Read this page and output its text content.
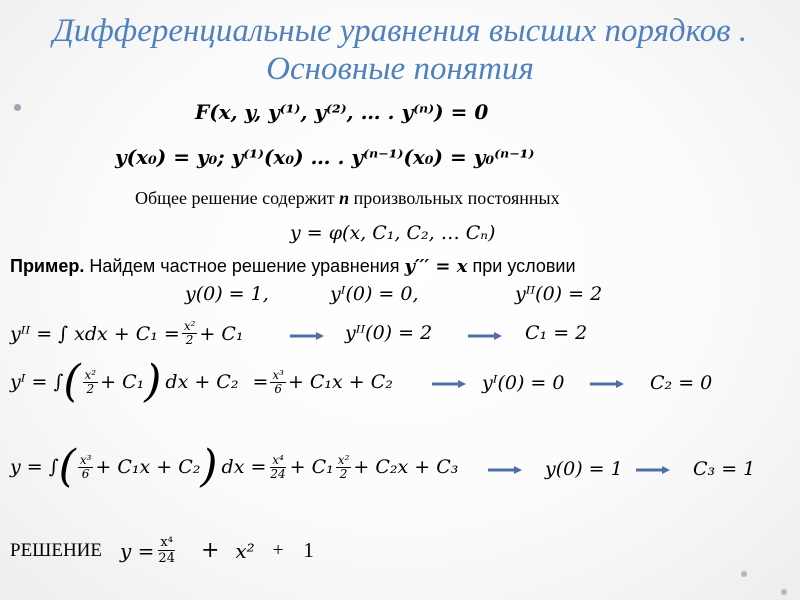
Дифференциальные уравнения высших порядков .
Основные понятия
F(x, y, y⁽¹⁾, y⁽²⁾, … . y⁽ⁿ⁾) = 0
y(x₀) = y₀; y⁽¹⁾(x₀) … . y⁽ⁿ⁻¹⁾(x₀) = y₀⁽ⁿ⁻¹⁾
Общее решение содержит n произвольных постоянных
y = φ(x, C₁, C₂, … Cₙ)
Пример. Найдем частное решение уравнения y′′′ = x при условии
y(0) = 1,	yᴵ(0) = 0,	yᴵᴵ(0) = 2
yᴵᴵ = ∫ xdx + $C_1 = \frac{\text{x²}}{2} + C_1$	yᴵᴵ(0) = 2	C₁ = 2
yᴵ = ∫ ( $\frac{\text{x²}}{2} + C_1$ ) dx + $C_2 = \frac{\text{x³}}{6} + C_1x + C_2$	yᴵ(0) = 0	C₂ = 0
y = ∫ ( $\frac{\text{x³}}{6} + C_1x + C_2$ ) dx = $\frac{\text{x⁴}}{24} + C_1 \frac{\text{x²}}{2} + C_2x + C_3$	y(0) = 1	C₃ = 1
РЕШЕНИЕ $y = \frac{\text{x⁴}}{24} + x^2 + 1$
